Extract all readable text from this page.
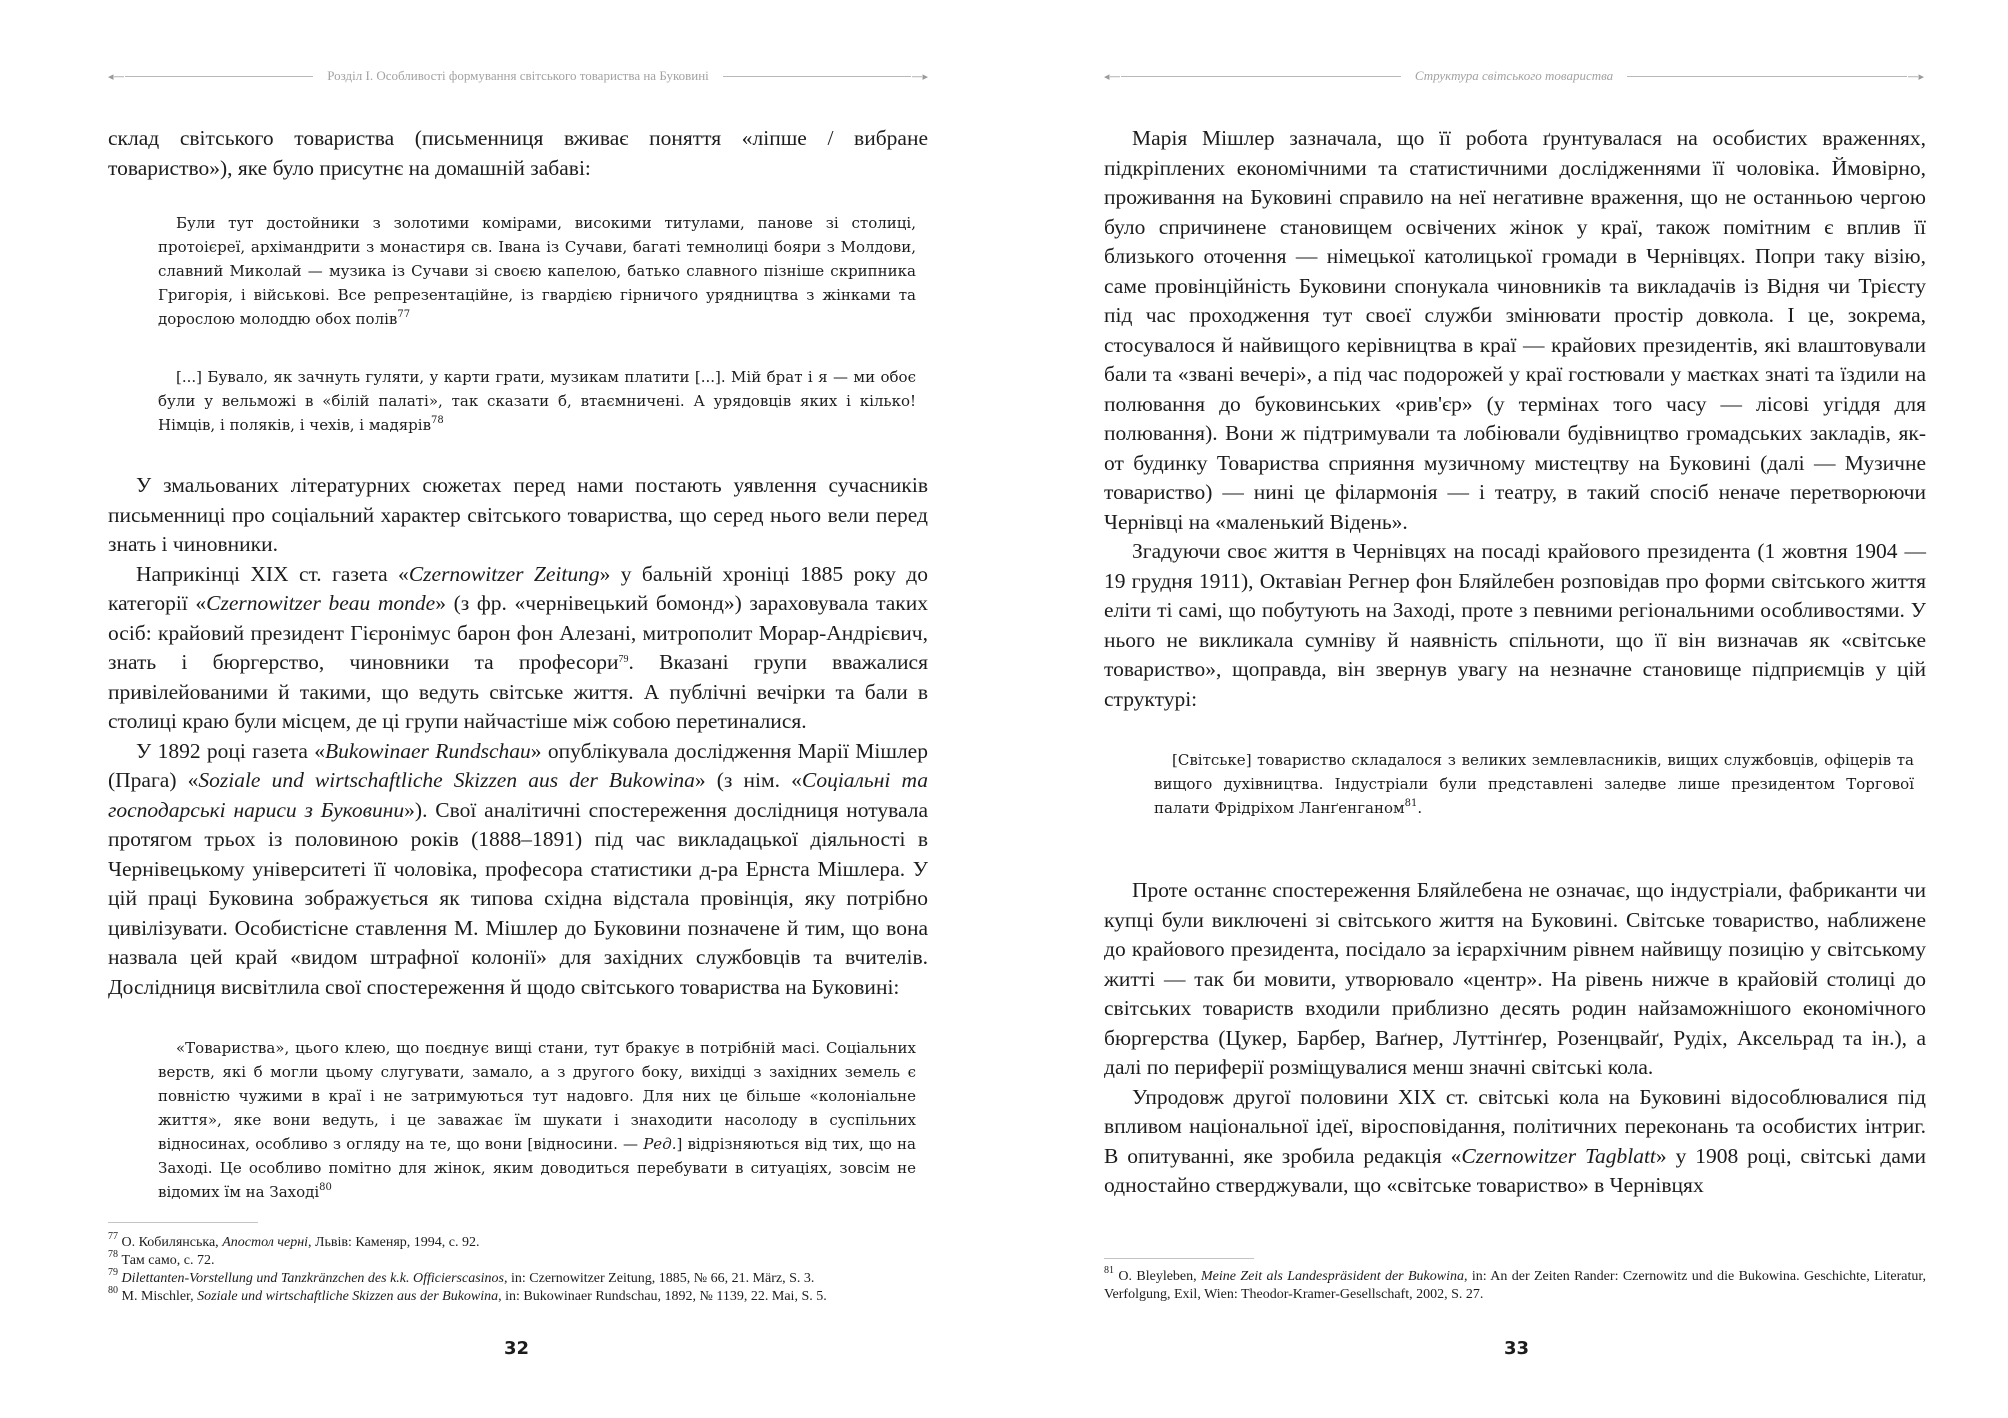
◂—	Розділ I. Особливості формування світського товариства на Буковині	—▸

склад світського товариства (письменниця вживає поняття «ліпше / вибране товариство»), яке було присутнє на домашній забаві:

Були тут достойники з золотими комірами, високими титулами, панове зі столиці, протоієреї, архімандрити з монастиря св. Івана із Сучави, багаті темнолиці бояри з Молдови, славний Миколай — музика із Сучави зі своєю капелою, батько славного пізніше скрипника Григорія, і військові. Все репрезентаційне, із гвардією гірничого урядництва з жінками та дорослою молоддю обох полів$^{77}$

[...] Бувало, як зачнуть гуляти, у карти грати, музикам платити [...]. Мій брат і я — ми обоє були у вельможі в «білій палаті», так сказати б, втаємничені. А урядовців яких і кілько! Німців, і поляків, і чехів, і мадярів$^{78}$

У змальованих літературних сюжетах перед нами постають уявлення сучасників письменниці про соціальний характер світського товариства, що серед нього вели перед знать і чиновники.

Наприкінці XIX ст. газета «Czernowitzer Zeitung» у бальній хроніці 1885 року до категорії «Czernowitzer beau monde» (з фр. «чернівецький бомонд») зараховувала таких осіб: крайовий президент Гієронімус барон фон Алезані, митрополит Морар-Андрієвич, знать і бюргерство, чиновники та професори$^{79}$. Вказані групи вважалися привілейованими й такими, що ведуть світське життя. А публічні вечірки та бали в столиці краю були місцем, де ці групи найчастіше між собою перетиналися.

У 1892 році газета «Bukowinaer Rundschau» опублікувала дослідження Марії Мішлер (Прага) «Soziale und wirtschaftliche Skizzen aus der Bukowina» (з нім. «Соціальні та господарські нариси з Буковини»). Свої аналітичні спостереження дослідниця нотувала протягом трьох із половиною років (1888–1891) під час викладацької діяльності в Чернівецькому університеті її чоловіка, професора статистики д-ра Ернста Мішлера. У цій праці Буковина зображується як типова східна відсталa провінція, яку потрібно цивілізувати. Особистісне ставлення М. Мішлер до Буковини позначене й тим, що вона назвала цей край «видом штрафної колонії» для західних службовців та вчителів. Дослідниця висвітлила свої спостереження й щодо світського товариства на Буковині:

«Товариства», цього клею, що поєднує вищі стани, тут бракує в потрібній масі. Соціальних верств, які б могли цьому слугувати, замало, а з другого боку, вихідці з західних земель є повністю чужими в краї і не затримуються тут надовго. Для них це більше «колоніальне життя», яке вони ведуть, і це заважає їм шукати і знаходити насолоду в суспільних відносинах, особливо з огляду на те, що вони [відносини. — Ред.] відрізняються від тих, що на Заході. Це особливо помітно для жінок, яким доводиться перебувати в ситуаціях, зовсім не відомих їм на Заході$^{80}$

$^{77}$ О. Кобилянська, Апостол черні, Львів: Каменяр, 1994, с. 92.
$^{78}$ Там само, с. 72.
$^{79}$ Dilettanten-Vorstellung und Tanzkränzchen des k.k. Officierscasinos, in: Czernowitzer Zeitung, 1885, № 66, 21. März, S. 3.
$^{80}$ M. Mischler, Soziale und wirtschaftliche Skizzen aus der Bukowina, in: Bukowinaer Rundschau, 1892, № 1139, 22. Mai, S. 5.
32
◂—	Структура світського товариства	—▸

Марія Мішлер зазначала, що її робота ґрунтувалася на особистих враженнях, підкріплених економічними та статистичними дослідженнями її чоловіка. Ймовірно, проживання на Буковині справило на неї негативне враження, що не останньою чергою було спричинене становищем освічених жінок у краї, також помітним є вплив її близького оточення — німецької католицької громади в Чернівцях. Попри таку візію, саме провінційність Буковини спонукала чиновників та викладачів із Відня чи Трієсту під час проходження тут своєї служби змінювати простір довкола. І це, зокрема, стосувалося й найвищого керівництва в краї — крайових президентів, які влаштовували бали та «звані вечері», а під час подорожей у краї гостювали у маєтках знаті та їздили на полювання до буковинських «рив'єр» (у термінах того часу — лісові угіддя для полювання). Вони ж підтримували та лобіювали будівництво громадських закладів, як-от будинку Товариства сприяння музичному мистецтву на Буковині (далі — Музичне товариство) — нині це філармонія — і театру, в такий спосіб неначе перетворюючи Чернівці на «маленький Відень».

Згадуючи своє життя в Чернівцях на посаді крайового президента (1 жовтня 1904 — 19 грудня 1911), Октавіан Регнер фон Бляйлебен розповідав про форми світського життя еліти ті самі, що побутують на Заході, проте з певними регіональними особливостями. У нього не викликала сумніву й наявність спільноти, що її він визначав як «світське товариство», щоправда, він звернув увагу на незначне становище підприємців у цій структурі:

[Світське] товариство складалося з великих землевласників, вищих службовців, офіцерів та вищого духівництва. Індустріали були представлені заледве лише президентом Торгової палати Фрідріхом Ланґенганом$^{81}$.

Проте останнє спостереження Бляйлебена не означає, що індустріали, фабриканти чи купці були виключені зі світського життя на Буковині. Світське товариство, наближене до крайового президента, посідало за ієрархічним рівнем найвищу позицію у світському житті — так би мовити, утворювало «центр». На рівень нижче в крайовій столиці до світських товариств входили приблизно десять родин найзаможнішого економічного бюргерства (Цукер, Барбер, Ваґнер, Луттінґер, Розенцвайґ, Рудіх, Аксельрад та ін.), а далі по периферії розміщувалися менш значні світські кола.

Упродовж другої половини XIX ст. світські кола на Буковині відособлювалися під впливом національної ідеї, віросповідання, політичних переконань та особистих інтриг. В опитуванні, яке зробила редакція «Czernowitzer Tagblatt» у 1908 році, світські дами одностайно стверджували, що «світське товариство» в Чернівцях

$^{81}$ O. Bleyleben, Meine Zeit als Landespräsident der Bukowina, in: An der Zeiten Rander: Czernowitz und die Bukowina. Geschichte, Literatur, Verfolgung, Exil, Wien: Theodor-Kramer-Gesellschaft, 2002, S. 27.
33
